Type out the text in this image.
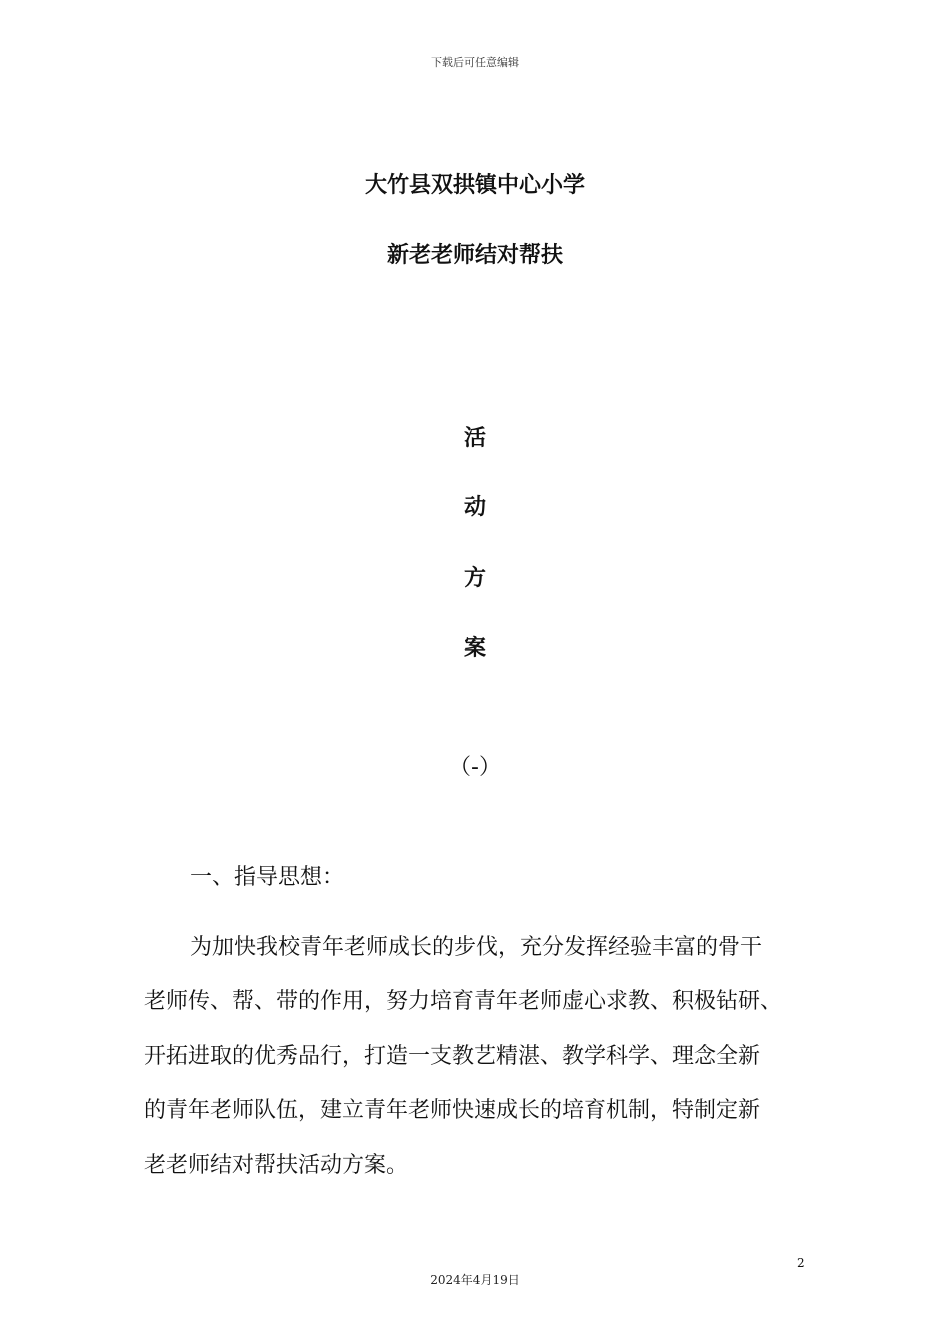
下载后可任意编辑
大竹县双拱镇中心小学
新老老师结对帮扶
活
动
方
案
（-）
一、指导思想：
为加快我校青年老师成长的步伐，充分发挥经验丰富的骨干
老师传、帮、带的作用，努力培育青年老师虚心求教、积极钻研、
开拓进取的优秀品行，打造一支教艺精湛、教学科学、理念全新
的青年老师队伍，建立青年老师快速成长的培育机制，特制定新
老老师结对帮扶活动方案。
2
2024年4月19日
